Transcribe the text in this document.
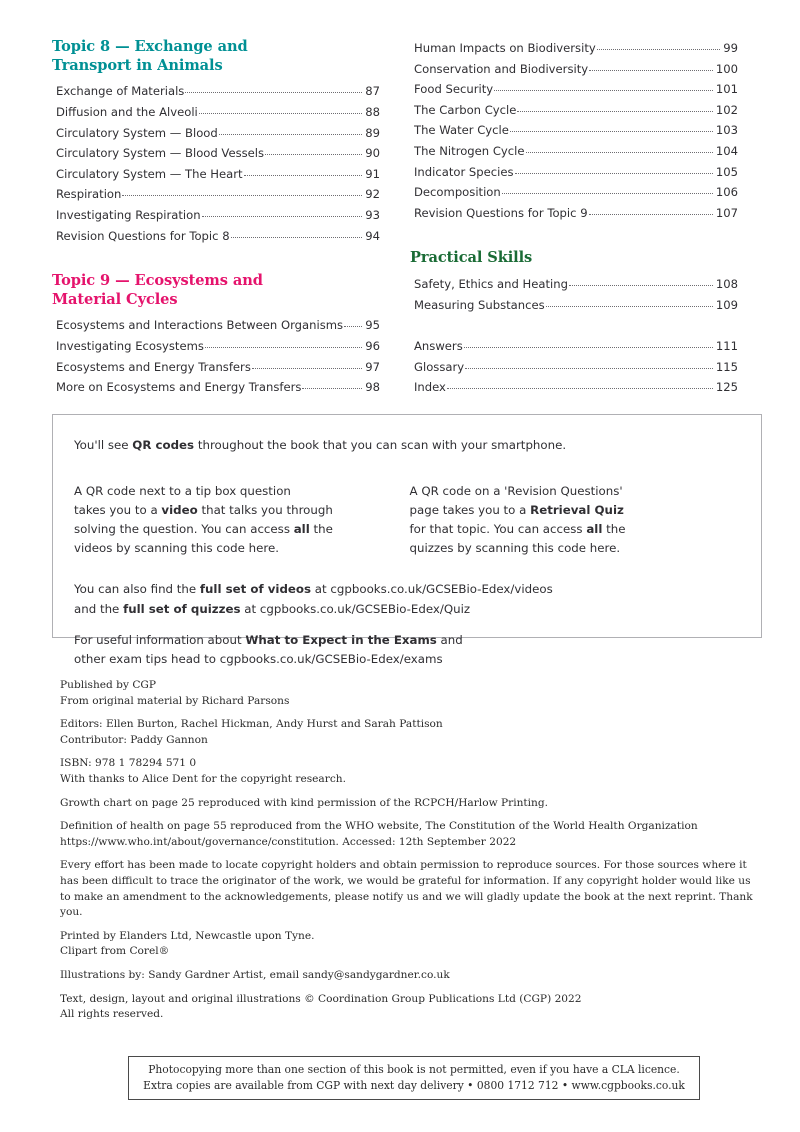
Topic 8 — Exchange and
Transport in Animals
Exchange of Materials	87
Diffusion and the Alveoli	88
Circulatory System — Blood	89
Circulatory System — Blood Vessels	90
Circulatory System — The Heart	91
Respiration	92
Investigating Respiration	93
Revision Questions for Topic 8	94
Topic 9 — Ecosystems and
Material Cycles
Ecosystems and Interactions Between Organisms 95
Investigating Ecosystems	96
Ecosystems and Energy Transfers	97
More on Ecosystems and Energy Transfers	98
Human Impacts on Biodiversity	99
Conservation and Biodiversity	100
Food Security	101
The Carbon Cycle	102
The Water Cycle	103
The Nitrogen Cycle	104
Indicator Species	105
Decomposition	106
Revision Questions for Topic 9	107
Practical Skills
Safety, Ethics and Heating	108
Measuring Substances	109
Answers	111
Glossary	115
Index	125
You'll see QR codes throughout the book that you can scan with your smartphone.

A QR code next to a tip box question

takes you to a video that talks you through

solving the question. You can access all the

videos by scanning this code here.

A QR code on a 'Revision Questions'

page takes you to a Retrieval Quiz

for that topic. You can access all the

quizzes by scanning this code here.

You can also find the full set of videos at cgpbooks.co.uk/GCSEBio-Edex/videos

and the full set of quizzes at cgpbooks.co.uk/GCSEBio-Edex/Quiz

For useful information about What to Expect in the Exams and

other exam tips head to cgpbooks.co.uk/GCSEBio-Edex/exams

Published by CGP

From original material by Richard Parsons

Editors: Ellen Burton, Rachel Hickman, Andy Hurst and Sarah Pattison

Contributor: Paddy Gannon

ISBN: 978 1 78294 571 0

With thanks to Alice Dent for the copyright research.

Growth chart on page 25 reproduced with kind permission of the RCPCH/Harlow Printing.

Definition of health on page 55 reproduced from the WHO website, The Constitution of the World Health Organization

https://www.who.int/about/governance/constitution. Accessed: 12th September 2022

Every effort has been made to locate copyright holders and obtain permission to reproduce sources. For those sources where it has been difficult to trace the originator of the work, we would be grateful for information. If any copyright holder would like us to make an amendment to the acknowledgements, please notify us and we will gladly update the book at the next reprint. Thank you.

Printed by Elanders Ltd, Newcastle upon Tyne.

Clipart from Corel®

Illustrations by: Sandy Gardner Artist, email sandy@sandygardner.co.uk

Text, design, layout and original illustrations © Coordination Group Publications Ltd (CGP) 2022

All rights reserved.

Photocopying more than one section of this book is not permitted, even if you have a CLA licence.

Extra copies are available from CGP with next day delivery • 0800 1712 712 • www.cgpbooks.co.uk
